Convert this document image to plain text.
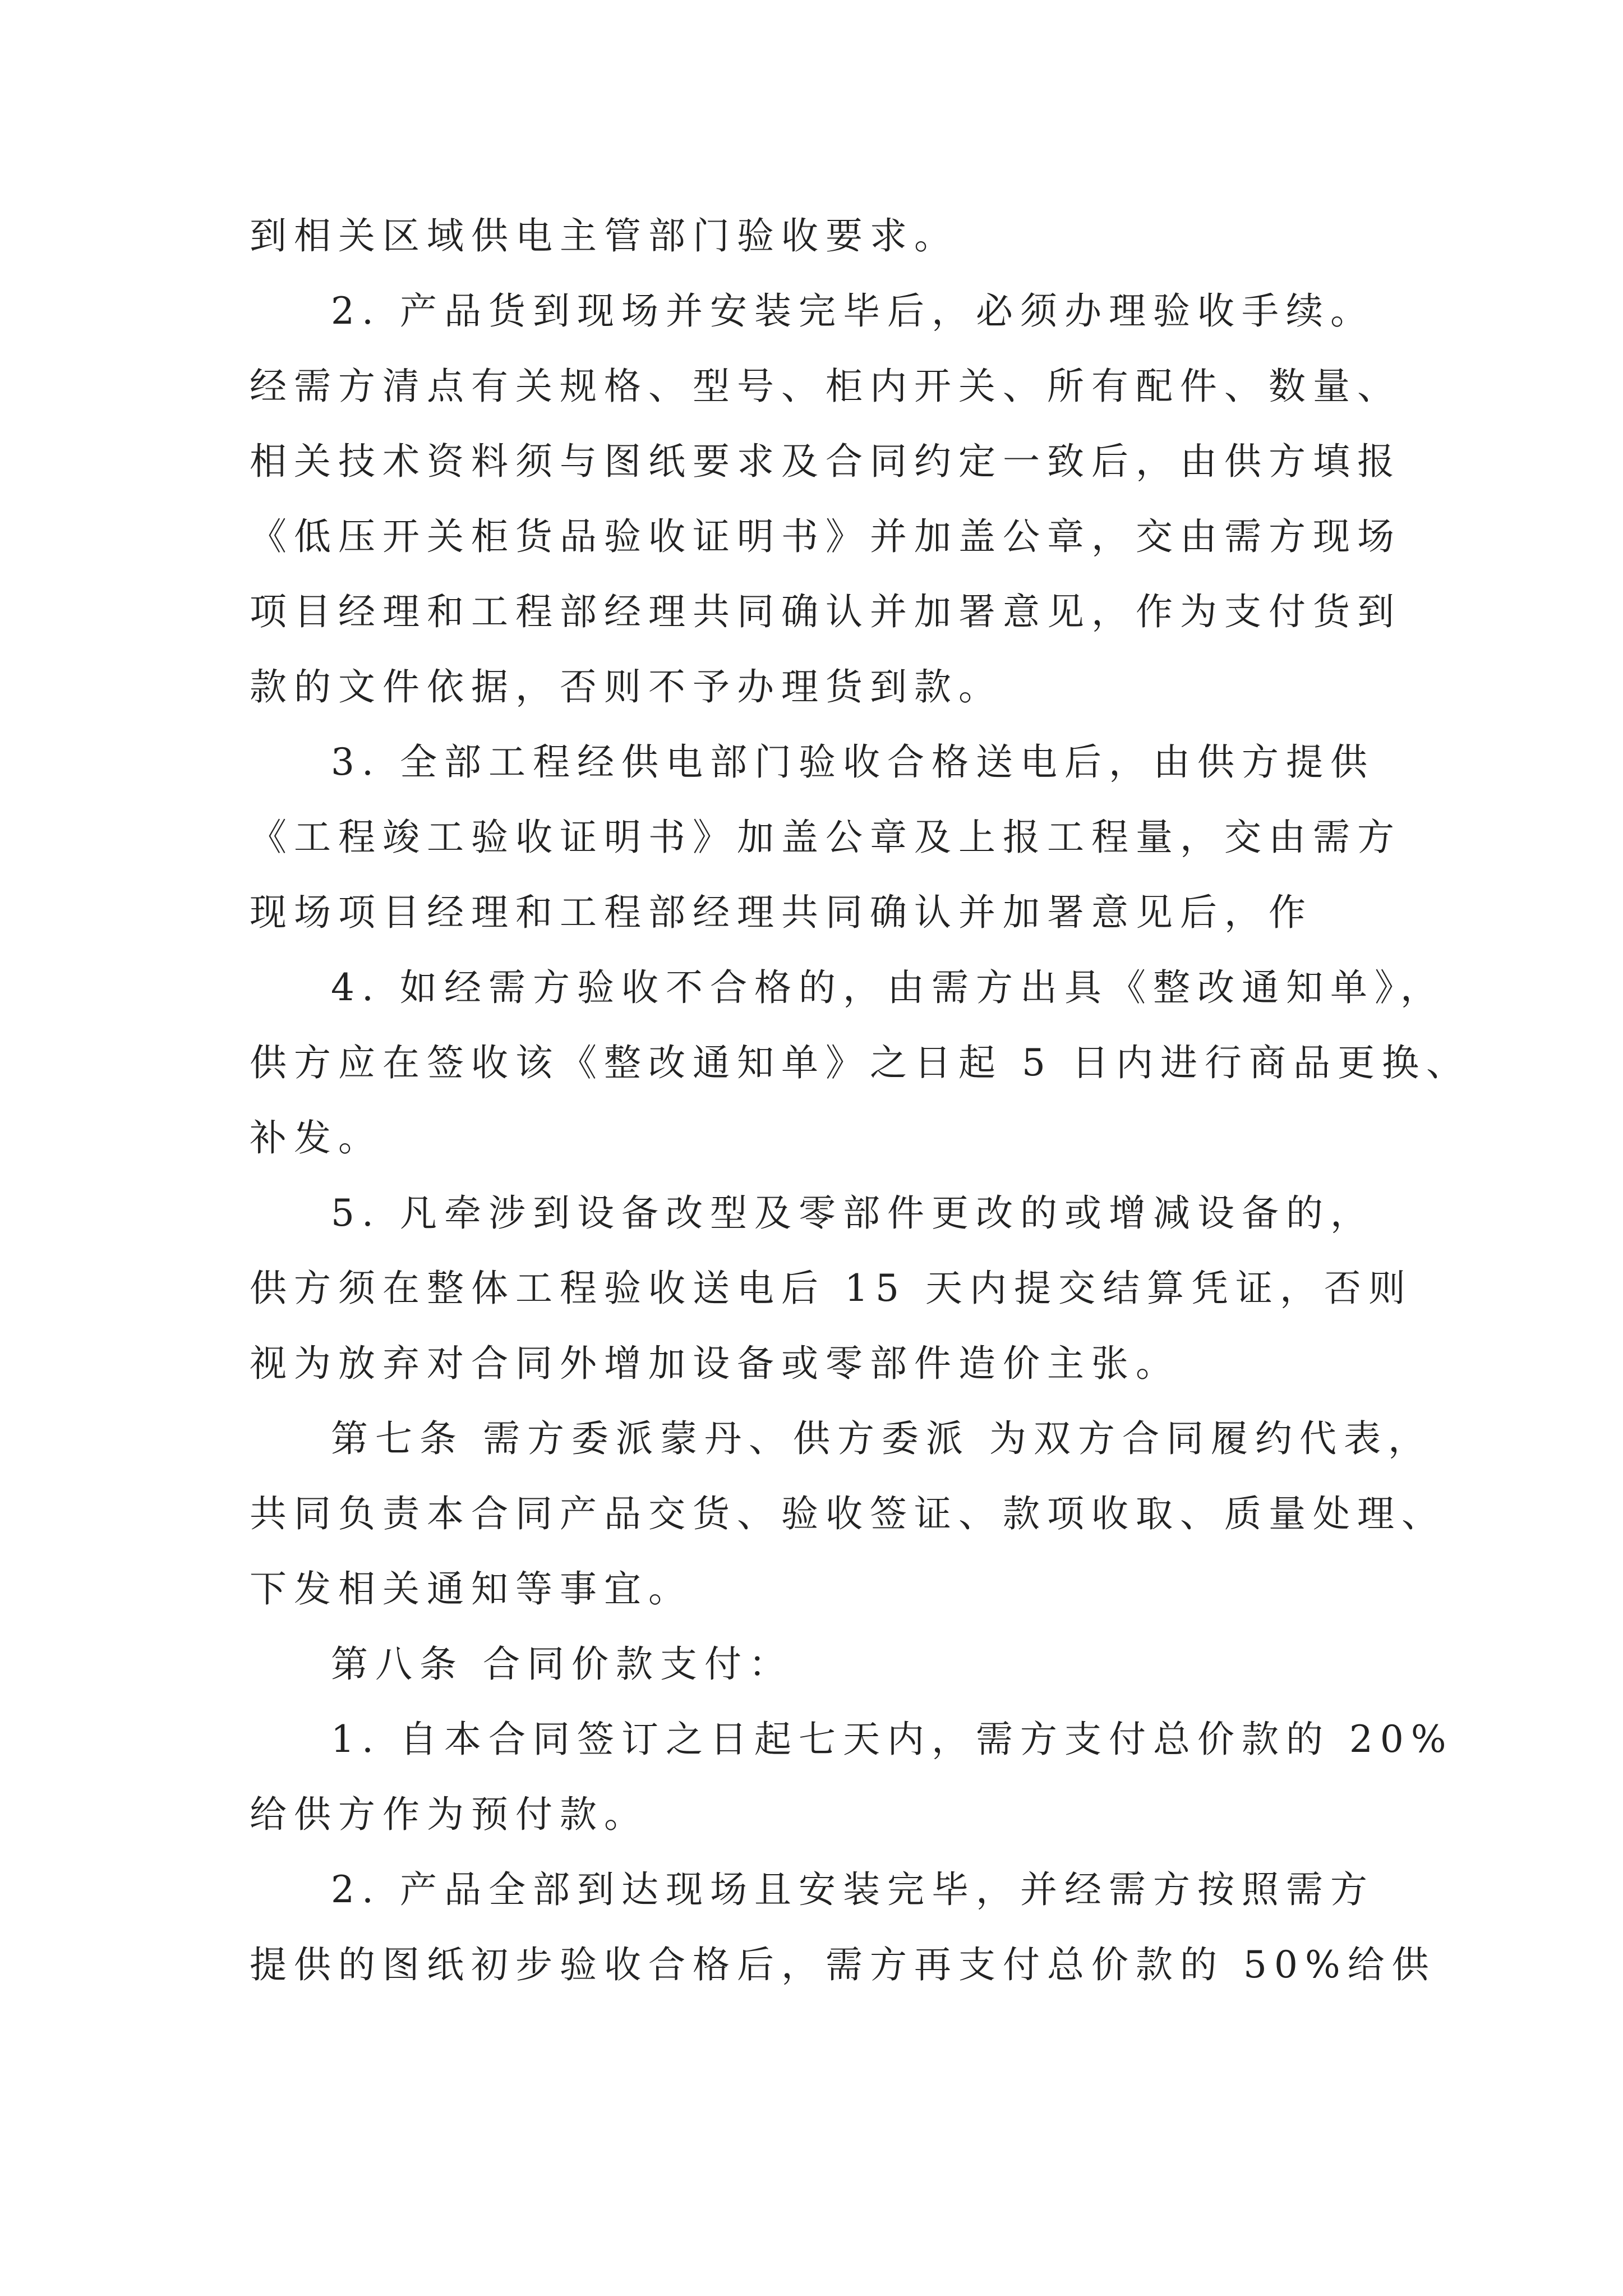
到相关区域供电主管部门验收要求。
2. 产品货到现场并安装完毕后，必须办理验收手续。
经需方清点有关规格、型号、柜内开关、所有配件、数量、
相关技术资料须与图纸要求及合同约定一致后，由供方填报
《低压开关柜货品验收证明书》并加盖公章，交由需方现场
项目经理和工程部经理共同确认并加署意见，作为支付货到
款的文件依据，否则不予办理货到款。
3. 全部工程经供电部门验收合格送电后，由供方提供
《工程竣工验收证明书》加盖公章及上报工程量，交由需方
现场项目经理和工程部经理共同确认并加署意见后，作
4. 如经需方验收不合格的，由需方出具《整改通知单》，
供方应在签收该《整改通知单》之日起 5 日内进行商品更换、
补发。
5. 凡牵涉到设备改型及零部件更改的或增减设备的，
供方须在整体工程验收送电后 15 天内提交结算凭证，否则
视为放弃对合同外增加设备或零部件造价主张。
第七条 需方委派蒙丹、供方委派 为双方合同履约代表，
共同负责本合同产品交货、验收签证、款项收取、质量处理、
下发相关通知等事宜。
第八条 合同价款支付：
1. 自本合同签订之日起七天内，需方支付总价款的 20%
给供方作为预付款。
2. 产品全部到达现场且安装完毕，并经需方按照需方
提供的图纸初步验收合格后，需方再支付总价款的 50%给供
